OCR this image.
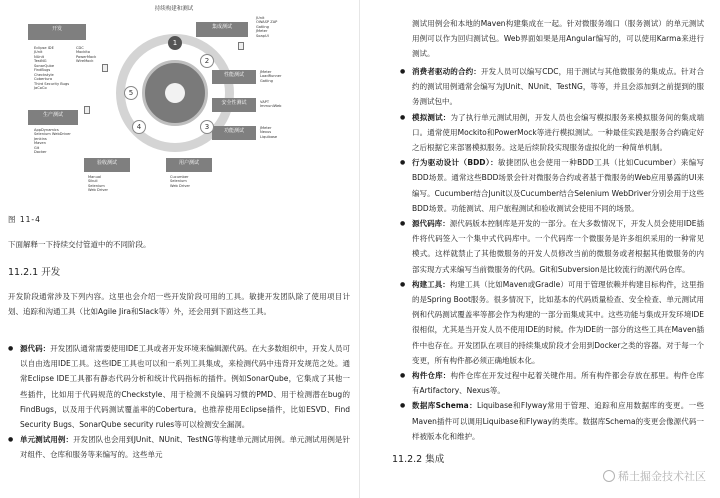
持续构建和测试
开发	集成测试
性能测试
安全性测试
功能测试
生产测试
验收测试	用户测试
Eclipse IDE
JUnit
NUnit
TestNG
SonarQube
FindBugs
Checkstyle
Cobertura
Third Security Bugs
JaCoCo
CDC
Mockito
PowerMock
WireMock
JUnit
OWASP ZAP
Gatling
JMeter
SoapUI
JMeter
LoadRunner
Gatling
VAPT
ImmuniWeb
JMeter
Nexus
Liquibase
AppDynamics
Selenium WebDriver
Jenkins
Maven
Git
Docker
Manual
Sikuli
Selenium
Web Driver
Cucumber
Selenium
Web Driver
1
2
3
4
5
图 11-4
下面解释一下持续交付管道中的不同阶段。
11.2.1 开发
开发阶段通常涉及下列内容。这里也会介绍一些开发阶段可用的工具。敏捷开发团队除了使用项目计划、追踪和沟通工具（比如Agile Jira和Slack等）外，还会用到下面这些工具。
● 源代码：开发团队通常需要使用IDE工具或者开发环境来编辑源代码。在大多数组织中，开发人员可以自由选用IDE工具。这些IDE工具也可以和一系列工具集成，来检测代码中违背开发规范之处。通常Eclipse IDE工具都有静态代码分析和统计代码指标的插件。例如SonarQube，它集成了其他一些插件，比如用于代码规范的Checkstyle、用于检测不良编码习惯的PMD、用于检测潜在bug的FindBugs，以及用于代码测试覆盖率的Cobertura。也推荐使用Eclipse插件，比如ESVD、Find Security Bugs、SonarQube security rules等可以检测安全漏洞。
● 单元测试用例：开发团队也会用到JUnit、NUnit、TestNG等构建单元测试用例。单元测试用例是针对组件、仓库和服务等来编写的。这些单元
测试用例会和本地的Maven构建集成在一起。针对微服务端口（服务测试）的单元测试用例可以作为回归测试包。Web界面如果是用Angular编写的，可以使用Karma来进行测试。
● 消费者驱动的合约：开发人员可以编写CDC，用于测试与其他微服务的集成点。针对合约的测试用例通常会编写为JUnit、NUnit、TestNG，等等，并且会添加到之前提到的服务测试包中。
● 模拟测试：为了执行单元测试用例，开发人员也会编写模拟服务来模拟服务间的集成端口。通常使用Mockito和PowerMock等进行模拟测试。一种最佳实践是服务合约确定好之后根据它来部署模拟服务。这是后续阶段实现服务虚拟化的一种简单机制。
● 行为驱动设计（BDD）：敏捷团队也会使用一种BDD工具（比如Cucumber）来编写BDD场景。通常这些BDD场景会针对微服务合约或者基于微服务的Web应用暴露的UI来编写。Cucumber结合Junit以及Cucumber结合Selenium WebDriver分别会用于这些BDD场景。功能测试、用户旅程测试和验收测试会使用不同的场景。
● 源代码库：源代码版本控制库是开发的一部分。在大多数情况下，开发人员会使用IDE插件将代码签入一个集中式代码库中。一个代码库一个微服务是许多组织采用的一种常见模式。这样就禁止了其他微服务的开发人员修改当前的微服务或者根据其他微服务的内部实现方式来编写当前微服务的代码。Git和Subversion是比较流行的源代码仓库。
● 构建工具：构建工具（比如Maven或Gradle）可用于管理依赖并构建目标构件，这里指的是Spring Boot服务。很多情况下，比如基本的代码质量检查、安全检查、单元测试用例和代码测试覆盖率等都会作为构建的一部分而集成其中。这些功能与集成开发环境IDE很相似，尤其是当开发人员不使用IDE的时候。作为IDE的一部分的这些工具在Maven插件中也存在。开发团队在项目的持续集成阶段才会用到Docker之类的容器。对于每一个变更，所有构件都必须正确地版本化。
● 构件仓库：构件仓库在开发过程中起着关键作用。所有构件都会存放在那里。构件仓库有Artifactory、Nexus等。
● 数据库Schema：Liquibase和Flyway常用于管理、追踪和应用数据库的变更。一些Maven插件可以调用Liquibase和Flyway的类库。数据库Schema的变更会像源代码一样被版本化和维护。
11.2.2 集成
稀土掘金技术社区
